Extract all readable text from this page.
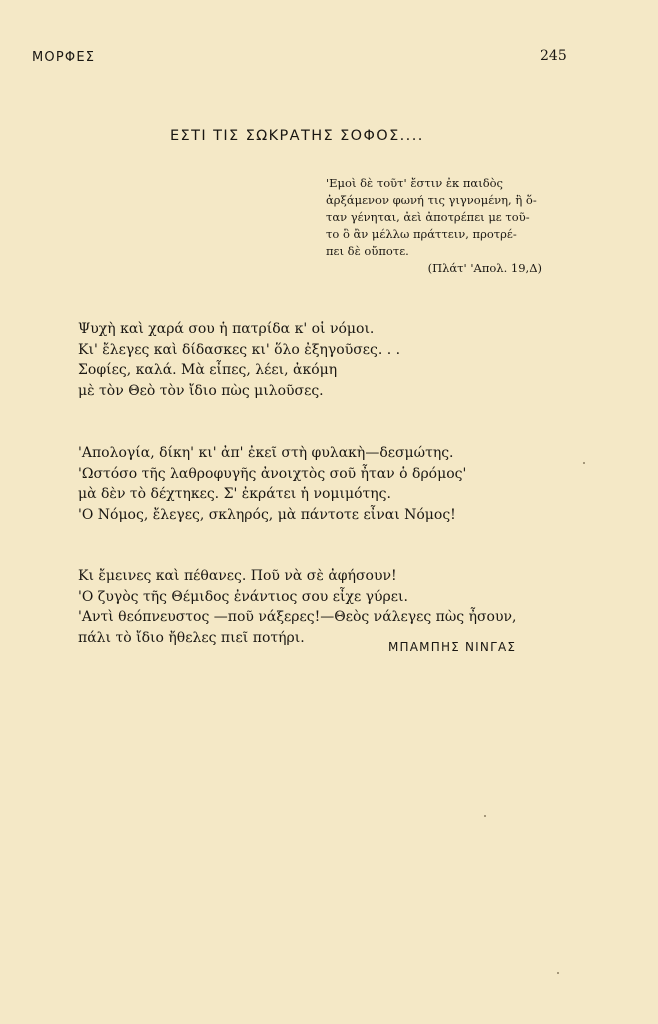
ΜΟΡΦΕΣ	245
ΕΣΤΙ ΤΙΣ ΣΩΚΡΑΤΗΣ ΣΟΦΟΣ....
'Εμοὶ δὲ τοῦτ' ἔστιν ἐκ παιδὸς
ἀρξάμενον φωνή τις γιγνομένη, ἣ ὅ-
ταν γένηται, ἀεὶ ἀποτρέπει με τοῦ-
το ὃ ἂν μέλλω πράττειν, προτρέ-
πει δὲ οὔποτε.
(Πλάτ' 'Απολ. 19,Δ)
Ψυχὴ καὶ χαρά σου ἡ πατρίδα κ' οἱ νόμοι.
Κι' ἔλεγες καὶ δίδασκες κι' ὅλο ἐξηγοῦσες. . .
Σοφίες, καλά. Μὰ εἶπες, λέει, ἀκόμη
μὲ τὸν Θεὸ τὸν ἴδιο πὼς μιλοῦσες.
'Απολογία, δίκη' κι' ἀπ' ἐκεῖ στὴ φυλακὴ—δεσμώτης.
'Ωστόσο τῆς λαθροφυγῆς ἀνοιχτὸς σοῦ ἦταν ὁ δρόμος'
μὰ δὲν τὸ δέχτηκες. Σ' ἐκράτει ἡ νομιμότης.
'Ο Νόμος, ἔλεγες, σκληρός, μὰ πάντοτε εἶναι Νόμος!
Κι ἔμεινες καὶ πέθανες. Ποῦ νὰ σὲ ἀφήσουν!
'Ο ζυγὸς τῆς Θέμιδος ἐνάντιος σου εἶχε γύρει.
'Αντὶ θεόπνευστος —ποῦ νάξερες!—Θεὸς νάλεγες πὼς ἦσουν,
πάλι τὸ ἴδιο ἤθελες πιεῖ ποτήρι.
ΜΠΑΜΠΗΣ ΝΙΝΓΑΣ
